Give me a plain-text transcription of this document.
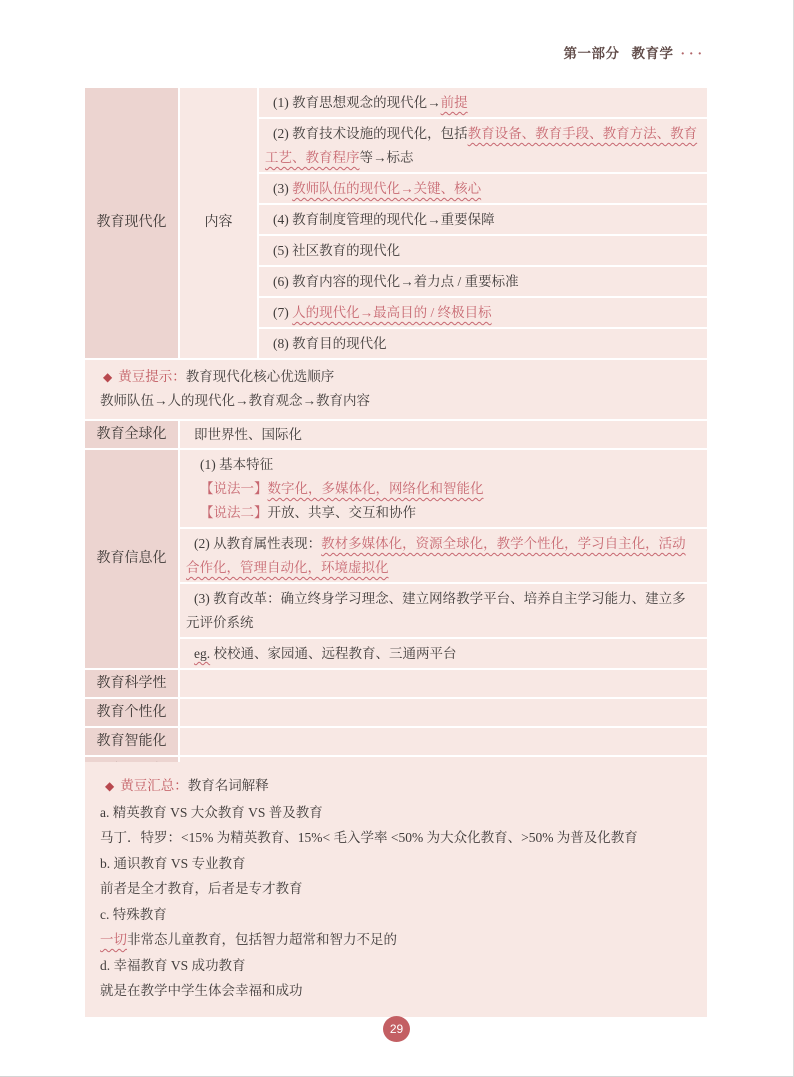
第一部分 教育学 ···
教育现代化	内容
(1) 教育思想观念的现代化→前提
(2) 教育技术设施的现代化，包括教育设备、教育手段、教育方法、教育工艺、教育程序等→标志
(3) 教师队伍的现代化→关键、核心
(4) 教育制度管理的现代化→重要保障
(5) 社区教育的现代化
(6) 教育内容的现代化→着力点 / 重要标准
(7) 人的现代化→最高目的 / 终极目标
(8) 教育目的现代化
◆ 黄豆提示：教育现代化核心优选顺序
教师队伍→人的现代化→教育观念→教育内容
教育全球化	即世界性、国际化
教育信息化
(1) 基本特征
【说法一】数字化，多媒体化，网络化和智能化
【说法二】开放、共享、交互和协作
(2) 从教育属性表现：教材多媒体化，资源全球化，教学个性化，学习自主化，活动合作化，管理自动化，环境虚拟化
(3) 教育改革：确立终身学习理念、建立网络教学平台、培养自主学习能力、建立多元评价系统
eg. 校校通、家园通、远程教育、三通两平台
教育科学性
教育个性化
教育智能化
◆ 黄豆汇总：教育名词解释
a. 精英教育 VS 大众教育 VS 普及教育
马丁．特罗：<15% 为精英教育、15%< 毛入学率 <50% 为大众化教育、>50% 为普及化教育
b. 通识教育 VS 专业教育
前者是全才教育，后者是专才教育
c. 特殊教育
一切非常态儿童教育，包括智力超常和智力不足的
d. 幸福教育 VS 成功教育
就是在教学中学生体会幸福和成功
29
